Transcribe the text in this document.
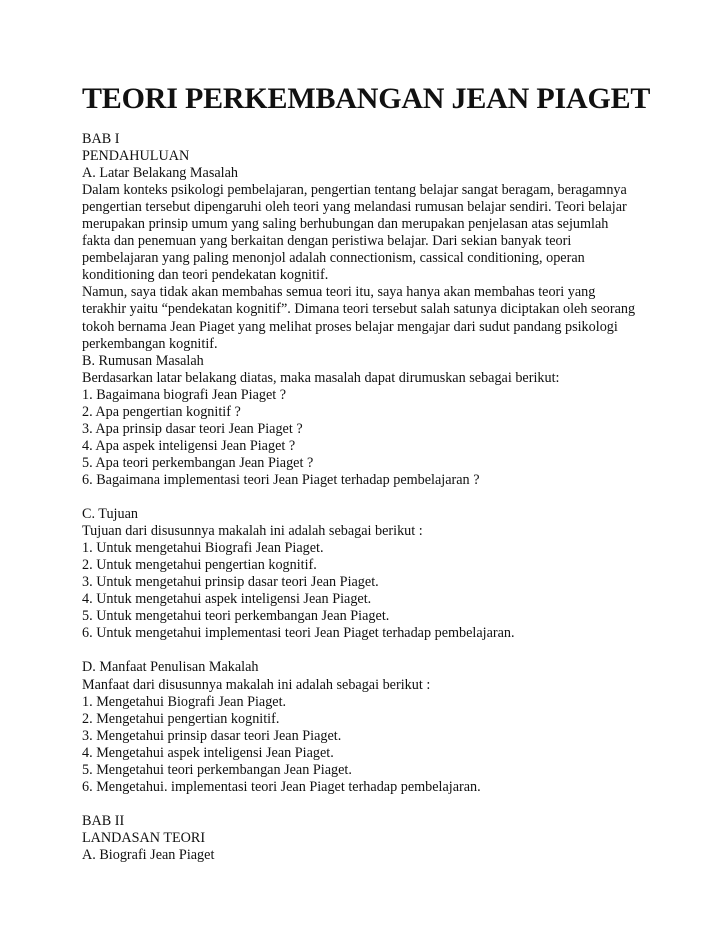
TEORI PERKEMBANGAN JEAN PIAGET

BAB I

PENDAHULUAN

A. Latar Belakang Masalah

Dalam konteks psikologi pembelajaran, pengertian tentang belajar sangat beragam, beragamnya

pengertian tersebut dipengaruhi oleh teori yang melandasi rumusan belajar sendiri. Teori belajar

merupakan prinsip umum yang saling berhubungan dan merupakan penjelasan atas sejumlah

fakta dan penemuan yang berkaitan dengan peristiwa belajar. Dari sekian banyak teori

pembelajaran yang paling menonjol adalah connectionism, cassical conditioning, operan

konditioning dan teori pendekatan kognitif.

Namun, saya tidak akan membahas semua teori itu, saya hanya akan membahas teori yang

terakhir yaitu “pendekatan kognitif”. Dimana teori tersebut salah satunya diciptakan oleh seorang

tokoh bernama Jean Piaget yang melihat proses belajar mengajar dari sudut pandang psikologi

perkembangan kognitif.

B. Rumusan Masalah

Berdasarkan latar belakang diatas, maka masalah dapat dirumuskan sebagai berikut:

1. Bagaimana biografi Jean Piaget ?

2. Apa pengertian kognitif ?

3. Apa prinsip dasar teori Jean Piaget ?

4. Apa aspek inteligensi Jean Piaget ?

5. Apa teori perkembangan Jean Piaget ?

6. Bagaimana implementasi teori Jean Piaget terhadap pembelajaran ?

C. Tujuan

Tujuan dari disusunnya makalah ini adalah sebagai berikut :

1. Untuk mengetahui Biografi Jean Piaget.

2. Untuk mengetahui pengertian kognitif.

3. Untuk mengetahui prinsip dasar teori Jean Piaget.

4. Untuk mengetahui aspek inteligensi Jean Piaget.

5. Untuk mengetahui teori perkembangan Jean Piaget.

6. Untuk mengetahui implementasi teori Jean Piaget terhadap pembelajaran.

D. Manfaat Penulisan Makalah

Manfaat dari disusunnya makalah ini adalah sebagai berikut :

1. Mengetahui Biografi Jean Piaget.

2. Mengetahui pengertian kognitif.

3. Mengetahui prinsip dasar teori Jean Piaget.

4. Mengetahui aspek inteligensi Jean Piaget.

5. Mengetahui teori perkembangan Jean Piaget.

6. Mengetahui. implementasi teori Jean Piaget terhadap pembelajaran.

BAB II

LANDASAN TEORI

A. Biografi Jean Piaget
